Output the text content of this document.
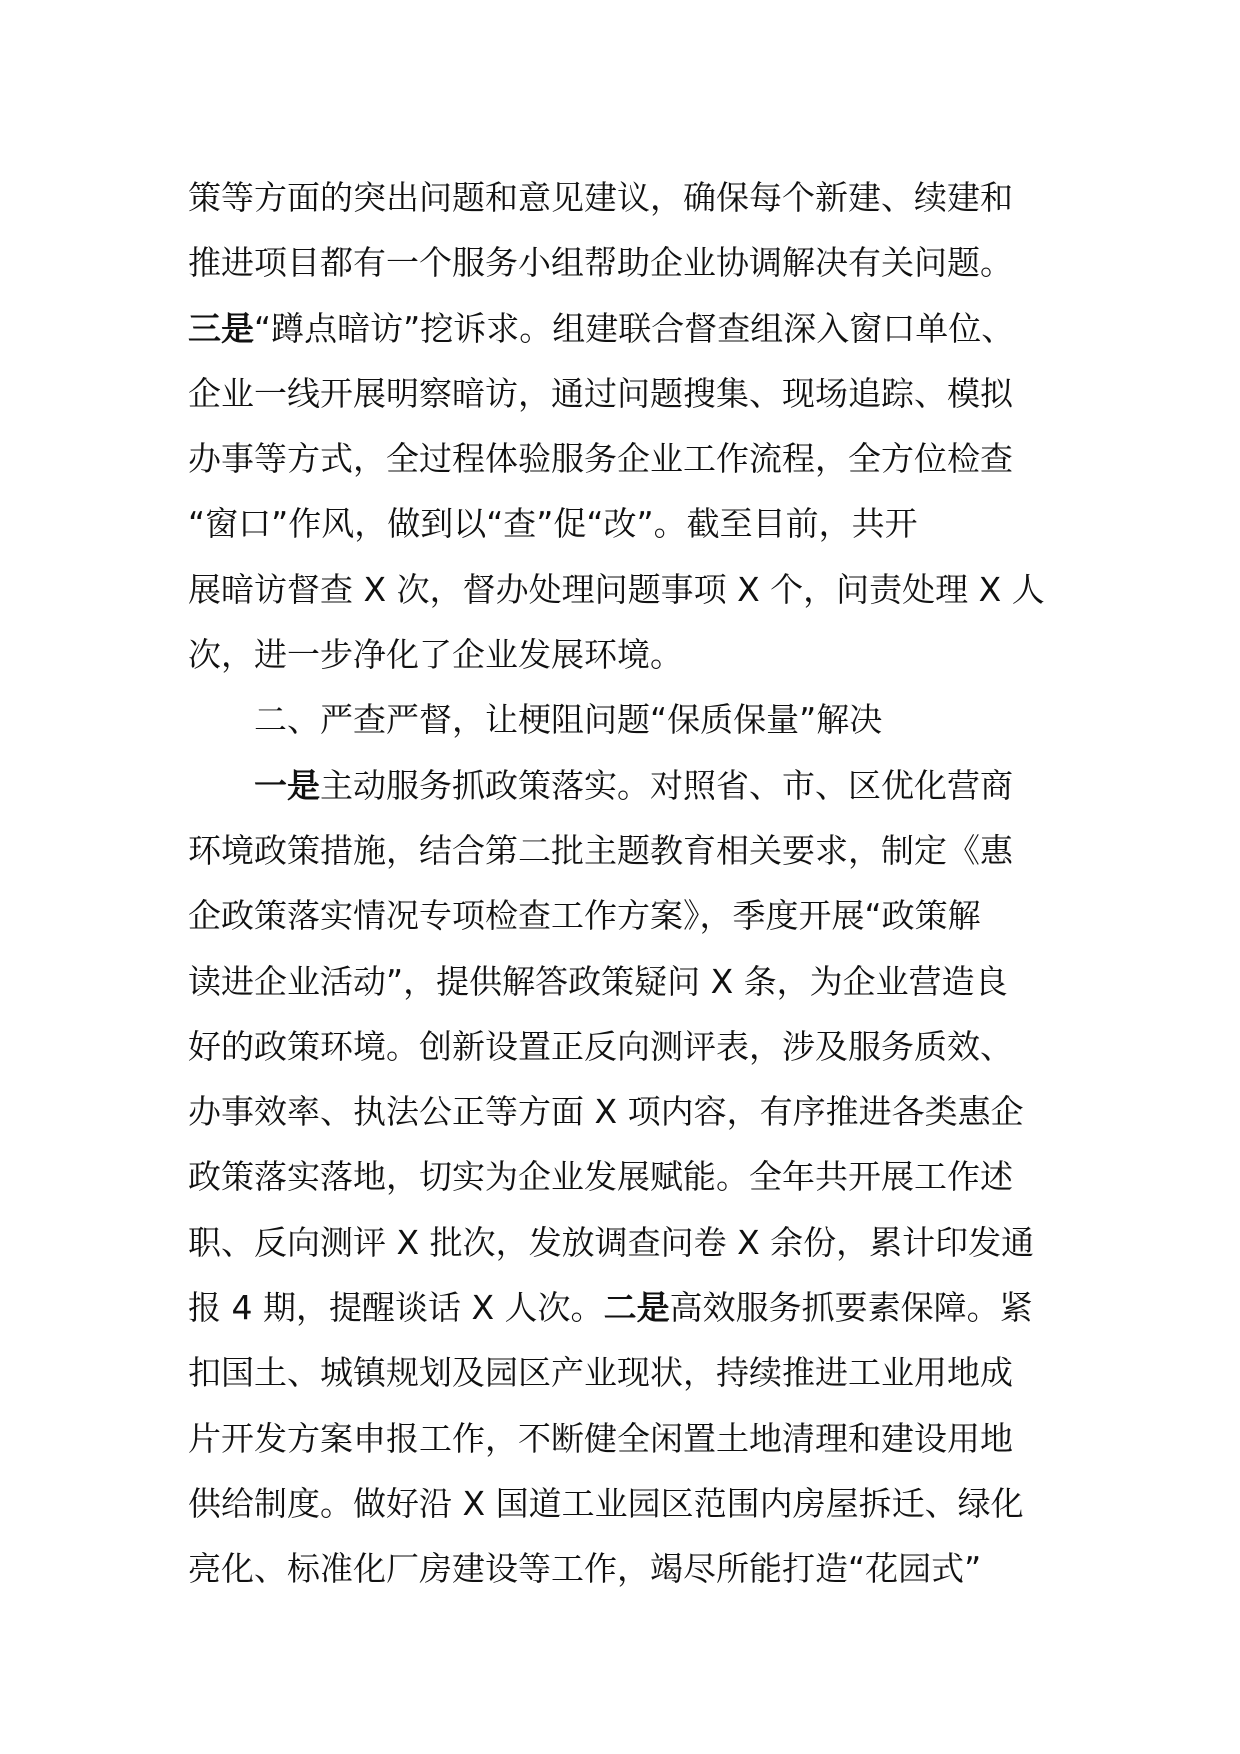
策等方面的突出问题和意见建议，确保每个新建、续建和
推进项目都有一个服务小组帮助企业协调解决有关问题。
三是“蹲点暗访”挖诉求。组建联合督查组深入窗口单位、
企业一线开展明察暗访，通过问题搜集、现场追踪、模拟
办事等方式，全过程体验服务企业工作流程，全方位检查
“窗口”作风，做到以“查”促“改”。截至目前，共开
展暗访督查 X 次，督办处理问题事项 X 个，问责处理 X 人
次，进一步净化了企业发展环境。
二、严查严督，让梗阻问题“保质保量”解决
一是主动服务抓政策落实。对照省、市、区优化营商
环境政策措施，结合第二批主题教育相关要求，制定《惠
企政策落实情况专项检查工作方案》，季度开展“政策解
读进企业活动”，提供解答政策疑问 X 条，为企业营造良
好的政策环境。创新设置正反向测评表，涉及服务质效、
办事效率、执法公正等方面 X 项内容，有序推进各类惠企
政策落实落地，切实为企业发展赋能。全年共开展工作述
职、反向测评 X 批次，发放调查问卷 X 余份，累计印发通
报 4 期，提醒谈话 X 人次。二是高效服务抓要素保障。紧
扣国土、城镇规划及园区产业现状，持续推进工业用地成
片开发方案申报工作，不断健全闲置土地清理和建设用地
供给制度。做好沿 X 国道工业园区范围内房屋拆迁、绿化
亮化、标准化厂房建设等工作，竭尽所能打造“花园式”
